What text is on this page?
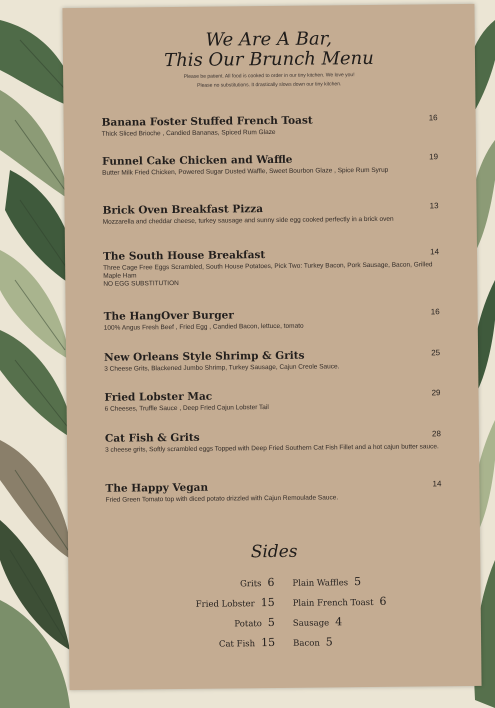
We Are A Bar,
This Our Brunch Menu
Please be patient. All food is cooked to order in our tiny kitchen. We love you!
Please no substitutions. It drastically slows down our tiny kitchen.
Banana Foster Stuffed French Toast
Thick Sliced Brioche , Candied Bananas, Spiced Rum Glaze
16
Funnel Cake Chicken and Waffle
Butter Milk Fried Chicken, Powered Sugar Dusted Waffle, Sweet Bourbon Glaze , Spice Rum Syrup
19
Brick Oven Breakfast Pizza
Mozzarella and cheddar cheese, turkey sausage and sunny side egg cooked perfectly in a brick oven
13
The South House Breakfast
Three Cage Free Eggs Scrambled, South House Potatoes, Pick Two: Turkey Bacon, Pork Sausage, Bacon, Grilled Maple Ham
NO EGG SUBSTITUTION
14
The HangOver Burger
100% Angus Fresh Beef , Fried Egg , Candied Bacon, lettuce, tomato
16
New Orleans Style Shrimp & Grits
3 Cheese Grits, Blackened Jumbo Shrimp, Turkey Sausage, Cajun Creole Sauce.
25
Fried Lobster Mac
6 Cheeses, Truffle Sauce , Deep Fried Cajun Lobster Tail
29
Cat Fish & Grits
3 cheese grits, Softly scrambled eggs Topped with Deep Fried Southern Cat Fish Fillet and a hot cajun butter sauce.
28
The Happy Vegan
Fried Green Tomato top with diced potato drizzled with Cajun Remoulade Sauce.
14
Sides
Grits 6
Fried Lobster 15
Potato 5
Cat Fish 15
Plain Waffles 5
Plain French Toast 6
Sausage 4
Bacon 5
